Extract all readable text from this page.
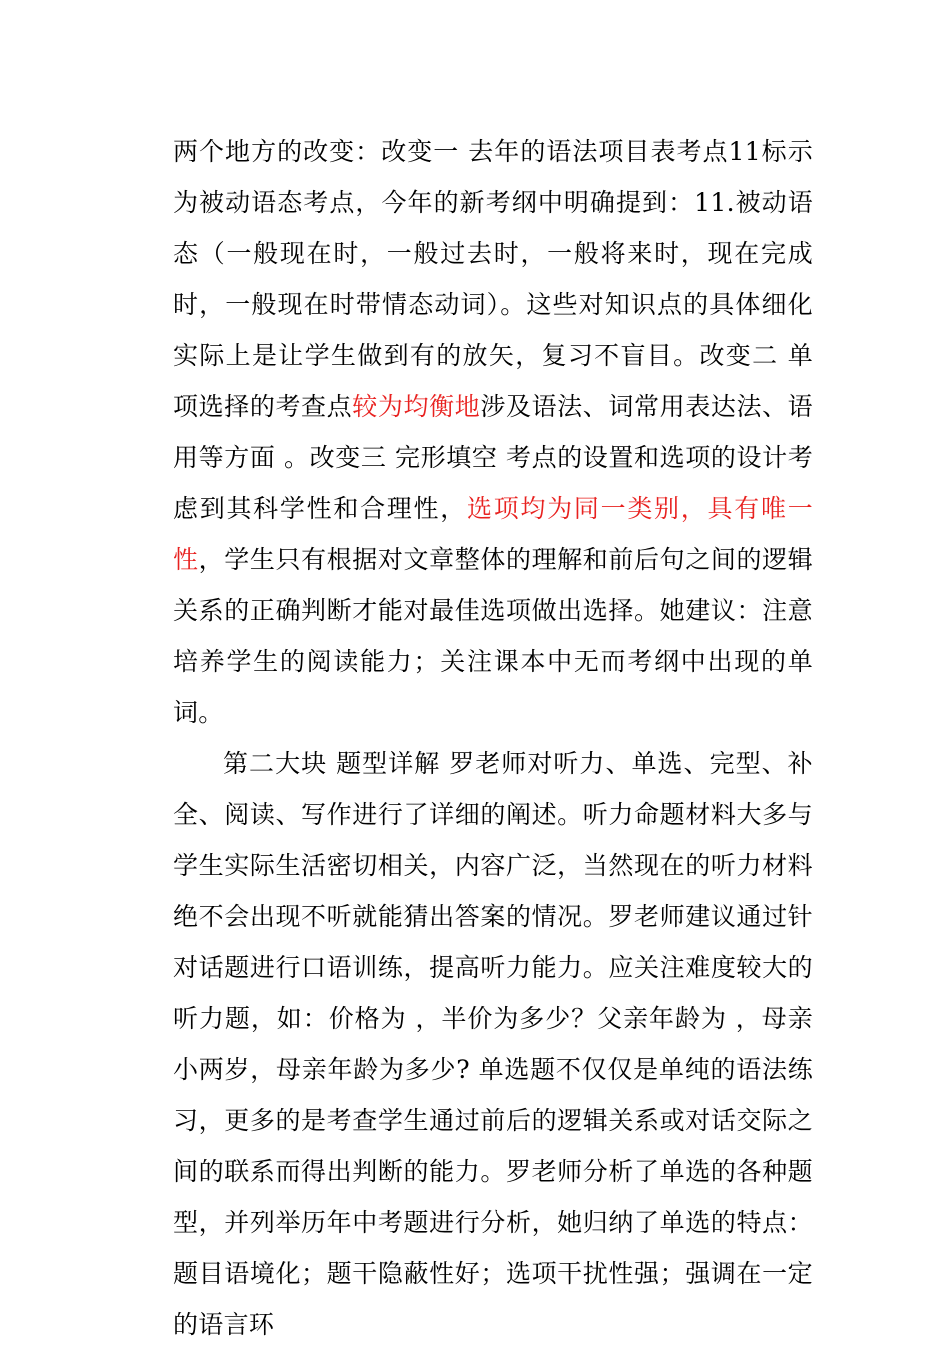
两个地方的改变：改变一 去年的语法项目表考点11标示为被动语态考点，今年的新考纲中明确提到：11.被动语态（一般现在时，一般过去时，一般将来时，现在完成时，一般现在时带情态动词）。这些对知识点的具体细化实际上是让学生做到有的放矢，复习不盲目。改变二 单项选择的考查点较为均衡地涉及语法、词常用表达法、语用等方面 。改变三 完形填空 考点的设置和选项的设计考虑到其科学性和合理性，选项均为同一类别，具有唯一性，学生只有根据对文章整体的理解和前后句之间的逻辑关系的正确判断才能对最佳选项做出选择。她建议：注意培养学生的阅读能力；关注课本中无而考纲中出现的单词。

第二大块 题型详解 罗老师对听力、单选、完型、补全、阅读、写作进行了详细的阐述。听力命题材料大多与学生实际生活密切相关，内容广泛，当然现在的听力材料绝不会出现不听就能猜出答案的情况。罗老师建议通过针对话题进行口语训练，提高听力能力。应关注难度较大的听力题，如：价格为 ，半价为多少？父亲年龄为 ，母亲小两岁，母亲年龄为多少? 单选题不仅仅是单纯的语法练习，更多的是考查学生通过前后的逻辑关系或对话交际之间的联系而得出判断的能力。罗老师分析了单选的各种题型，并列举历年中考题进行分析，她归纳了单选的特点：题目语境化；题干隐蔽性好；选项干扰性强；强调在一定的语言环
